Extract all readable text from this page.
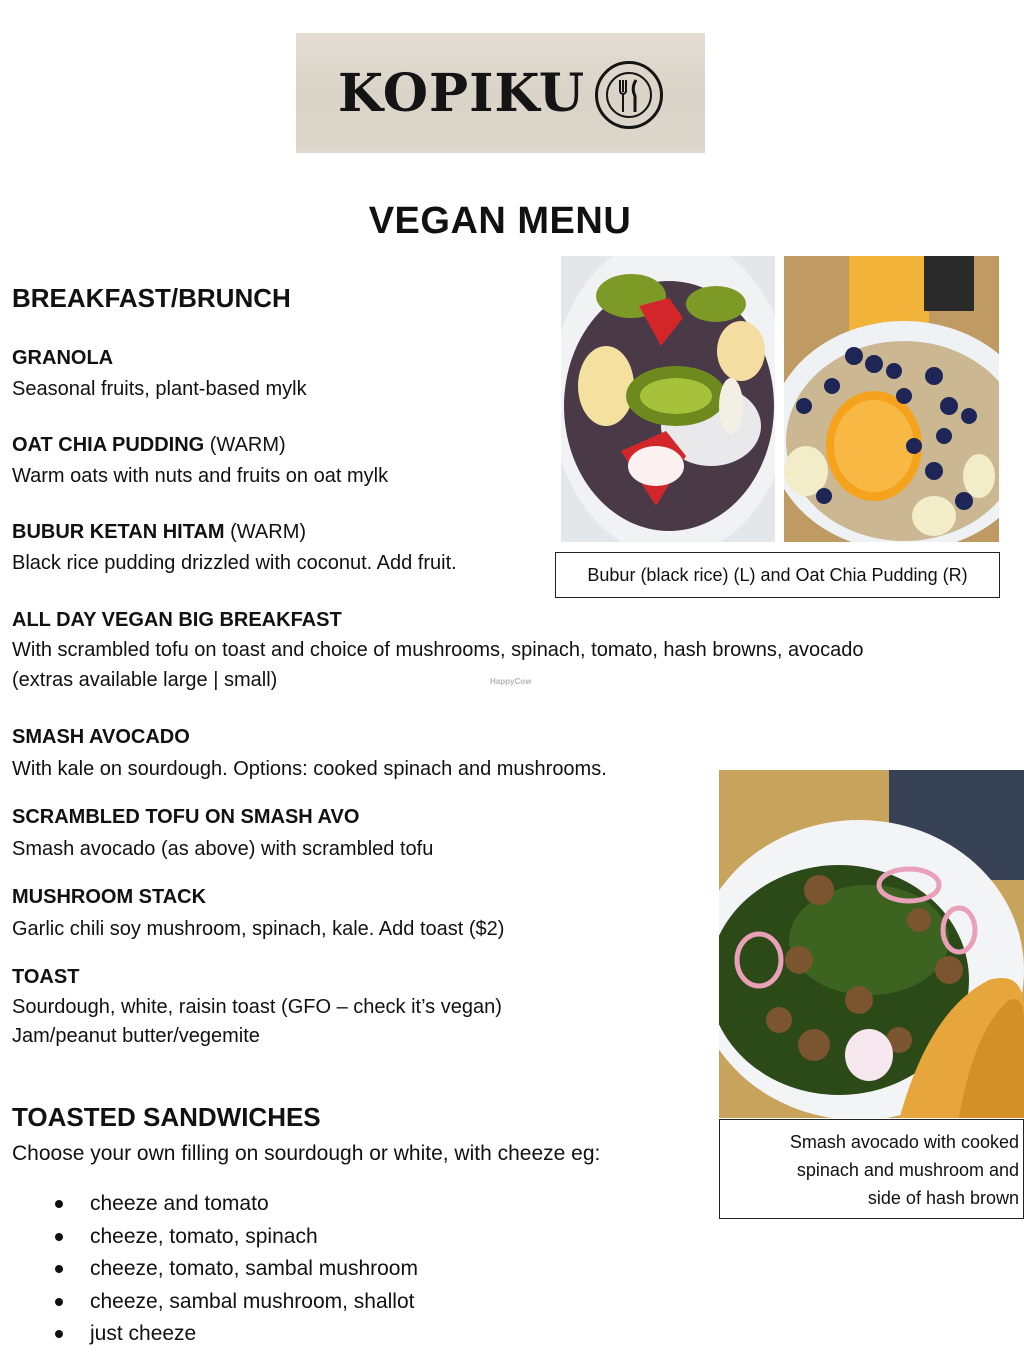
KOPIKU
VEGAN MENU
BREAKFAST/BRUNCH
GRANOLA
Seasonal fruits, plant-based mylk
OAT CHIA PUDDING (WARM)
Warm oats with nuts and fruits on oat mylk
BUBUR KETAN HITAM (WARM)
Black rice pudding drizzled with coconut. Add fruit.
ALL DAY VEGAN BIG BREAKFAST
With scrambled tofu on toast and choice of mushrooms, spinach, tomato, hash browns, avocado
(extras available large | small)	HappyCow
SMASH AVOCADO
With kale on sourdough. Options: cooked spinach and mushrooms.
SCRAMBLED TOFU ON SMASH AVO
Smash avocado (as above) with scrambled tofu
MUSHROOM STACK
Garlic chili soy mushroom, spinach, kale. Add toast ($2)
TOAST
Sourdough, white, raisin toast (GFO – check it’s vegan)
Jam/peanut butter/vegemite
TOASTED SANDWICHES
Choose your own filling on sourdough or white, with cheeze eg:
cheeze and tomato
cheeze, tomato, spinach
cheeze, tomato, sambal mushroom
cheeze, sambal mushroom, shallot
just cheeze
Bubur (black rice) (L) and Oat Chia Pudding (R)
Smash avocado with cooked
spinach and mushroom and
side of hash brown
